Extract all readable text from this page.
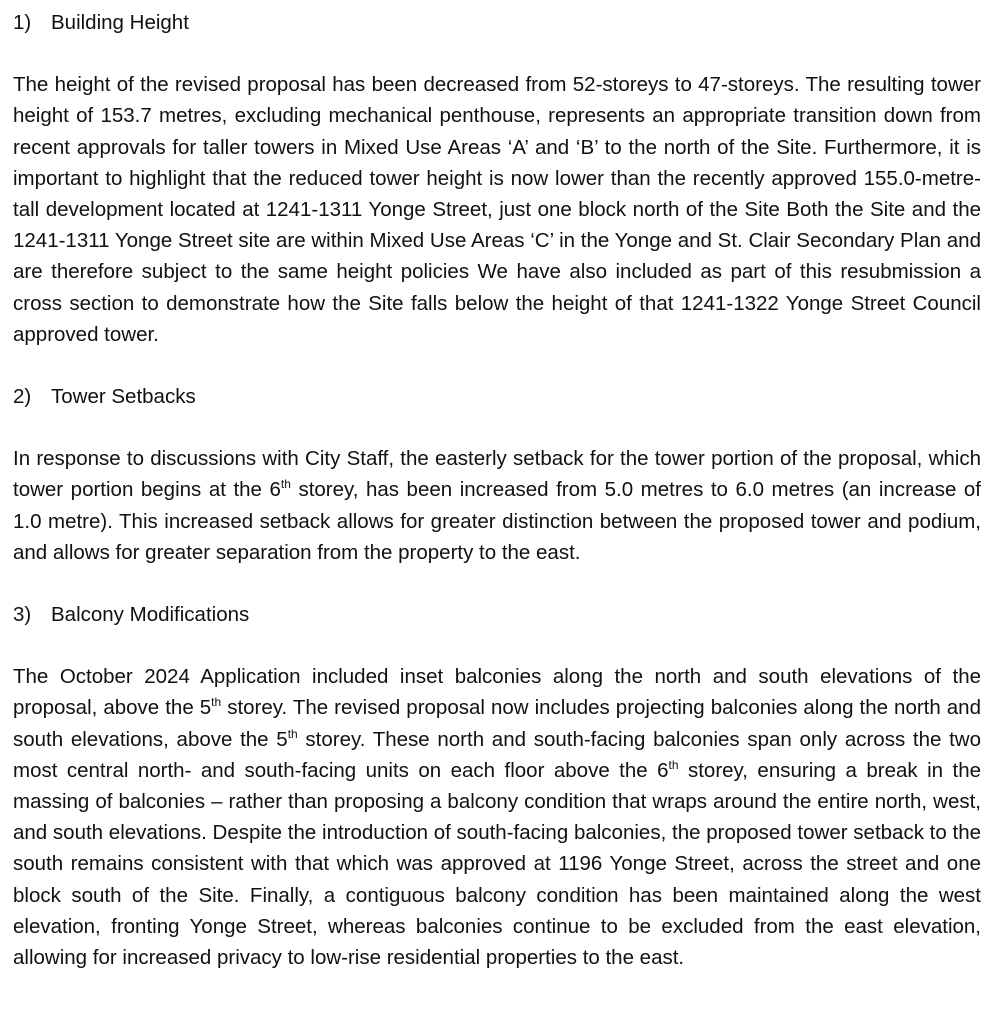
1) Building Height

The height of the revised proposal has been decreased from 52-storeys to 47-storeys. The resulting tower height of 153.7 metres, excluding mechanical penthouse, represents an appropriate transition down from recent approvals for taller towers in Mixed Use Areas ‘A’ and ‘B’ to the north of the Site. Furthermore, it is important to highlight that the reduced tower height is now lower than the recently approved 155.0-metre-tall development located at 1241-1311 Yonge Street, just one block north of the Site Both the Site and the 1241-1311 Yonge Street site are within Mixed Use Areas ‘C’ in the Yonge and St. Clair Secondary Plan and are therefore subject to the same height policies We have also included as part of this resubmission a cross section to demonstrate how the Site falls below the height of that 1241-1322 Yonge Street Council approved tower.

2) Tower Setbacks

In response to discussions with City Staff, the easterly setback for the tower portion of the proposal, which tower portion begins at the 6th storey, has been increased from 5.0 metres to 6.0 metres (an increase of 1.0 metre). This increased setback allows for greater distinction between the proposed tower and podium, and allows for greater separation from the property to the east.

3) Balcony Modifications

The October 2024 Application included inset balconies along the north and south elevations of the proposal, above the 5th storey. The revised proposal now includes projecting balconies along the north and south elevations, above the 5th storey. These north and south-facing balconies span only across the two most central north- and south-facing units on each floor above the 6th storey, ensuring a break in the massing of balconies – rather than proposing a balcony condition that wraps around the entire north, west, and south elevations. Despite the introduction of south-facing balconies, the proposed tower setback to the south remains consistent with that which was approved at 1196 Yonge Street, across the street and one block south of the Site. Finally, a contiguous balcony condition has been maintained along the west elevation, fronting Yonge Street, whereas balconies continue to be excluded from the east elevation, allowing for increased privacy to low-rise residential properties to the east.
